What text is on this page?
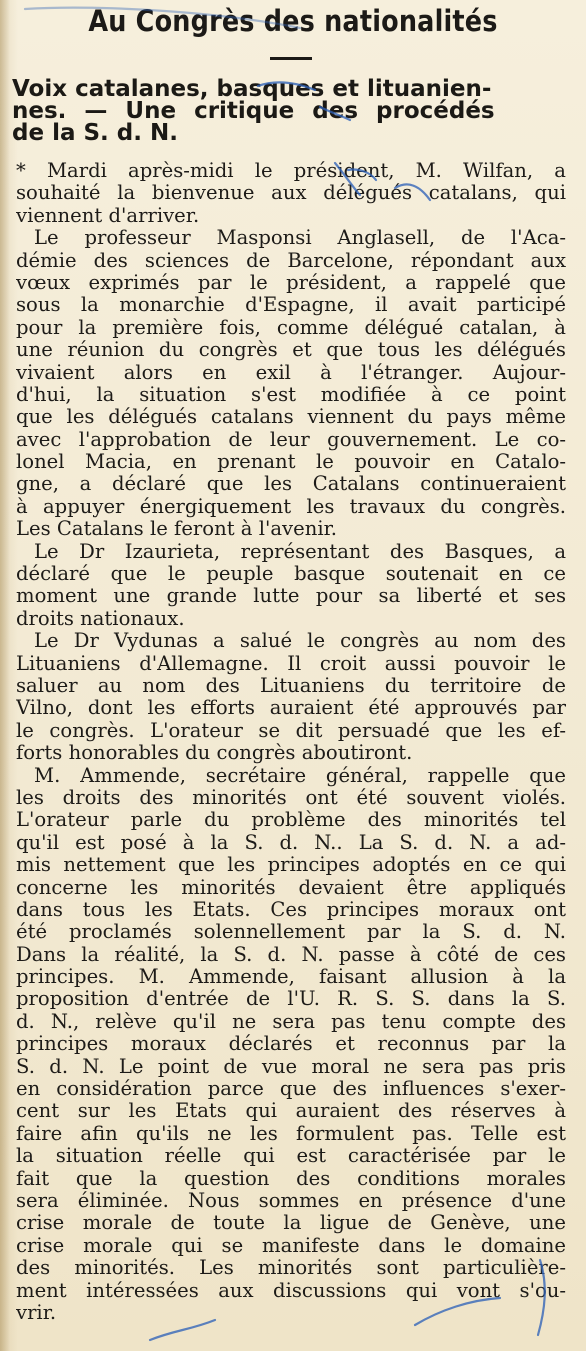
Au Congrès des nationalités
Voix catalanes, basques et lituanien-
nes. — Une critique des procédés
de la S. d. N.
* Mardi après-midi le président, M. Wilfan, a
souhaité la bienvenue aux délégués catalans, qui
viennent d'arriver.
Le professeur Masponsi Anglasell, de l'Aca-
démie des sciences de Barcelone, répondant aux
vœux exprimés par le président, a rappelé que
sous la monarchie d'Espagne, il avait participé
pour la première fois, comme délégué catalan, à
une réunion du congrès et que tous les délégués
vivaient alors en exil à l'étranger. Aujour-
d'hui, la situation s'est modifiée à ce point
que les délégués catalans viennent du pays même
avec l'approbation de leur gouvernement. Le co-
lonel Macia, en prenant le pouvoir en Catalo-
gne, a déclaré que les Catalans continueraient
à appuyer énergiquement les travaux du congrès.
Les Catalans le feront à l'avenir.
Le Dr Izaurieta, représentant des Basques, a
déclaré que le peuple basque soutenait en ce
moment une grande lutte pour sa liberté et ses
droits nationaux.
Le Dr Vydunas a salué le congrès au nom des
Lituaniens d'Allemagne. Il croit aussi pouvoir le
saluer au nom des Lituaniens du territoire de
Vilno, dont les efforts auraient été approuvés par
le congrès. L'orateur se dit persuadé que les ef-
forts honorables du congrès aboutiront.
M. Ammende, secrétaire général, rappelle que
les droits des minorités ont été souvent violés.
L'orateur parle du problème des minorités tel
qu'il est posé à la S. d. N.. La S. d. N. a ad-
mis nettement que les principes adoptés en ce qui
concerne les minorités devaient être appliqués
dans tous les Etats. Ces principes moraux ont
été proclamés solennellement par la S. d. N.
Dans la réalité, la S. d. N. passe à côté de ces
principes. M. Ammende, faisant allusion à la
proposition d'entrée de l'U. R. S. S. dans la S.
d. N., relève qu'il ne sera pas tenu compte des
principes moraux déclarés et reconnus par la
S. d. N. Le point de vue moral ne sera pas pris
en considération parce que des influences s'exer-
cent sur les Etats qui auraient des réserves à
faire afin qu'ils ne les formulent pas. Telle est
la situation réelle qui est caractérisée par le
fait que la question des conditions morales
sera éliminée. Nous sommes en présence d'une
crise morale de toute la ligue de Genève, une
crise morale qui se manifeste dans le domaine
des minorités. Les minorités sont particulière-
ment intéressées aux discussions qui vont s'ou-
vrir.
